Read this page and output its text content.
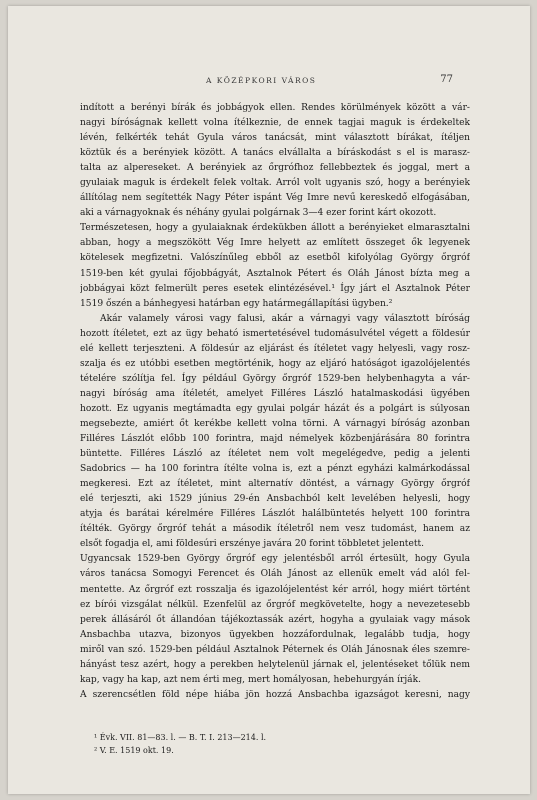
A KÖZÉPKORI VÁROS	77

indított a berényi bírák és jobbágyok ellen. Rendes körülmények között a vár-

nagyi bíróságnak kellett volna ítélkeznie, de ennek tagjai maguk is érdekeltek

lévén, felkérték tehát Gyula város tanácsát, mint választott bírákat, ítéljen

köztük és a berényiek között. A tanács elvállalta a bíráskodást s el is marasz-

talta az alpereseket. A berényiek az őrgrófhoz fellebbeztek és joggal, mert a

gyulaiak maguk is érdekelt felek voltak. Arról volt ugyanis szó, hogy a berényiek

állítólag nem segítették Nagy Péter ispánt Vég Imre nevű kereskedő elfogásában,

aki a várnagyoknak és néhány gyulai polgárnak 3—4 ezer forint kárt okozott.

Természetesen, hogy a gyulaiaknak érdekükben állott a berényieket elmarasztalni

abban, hogy a megszökött Vég Imre helyett az említett összeget ők legyenek

kötelesek megfizetni. Valószínűleg ebből az esetből kifolyólag György őrgróf

1519-ben két gyulai főjobbágyát, Asztalnok Pétert és Oláh Jánost bízta meg a

jobbágyai közt felmerült peres esetek elintézésével.¹ Így járt el Asztalnok Péter

1519 őszén a bánhegyesi határban egy határmegállapítási ügyben.²

Akár valamely városi vagy falusi, akár a várnagyi vagy választott bíróság

hozott ítéletet, ezt az ügy beható ismertetésével tudomásulvétel végett a földesúr

elé kellett terjeszteni. A földesúr az eljárást és ítéletet vagy helyesli, vagy rosz-

szalja és ez utóbbi esetben megtörténik, hogy az eljáró hatóságot igazolójelentés

tételére szólítja fel. Így például György őrgróf 1529-ben helybenhagyta a vár-

nagyi bíróság ama ítéletét, amelyet Filléres László hatalmaskodási ügyében

hozott. Ez ugyanis megtámadta egy gyulai polgár házát és a polgárt is súlyosan

megsebezte, amiért őt kerékbe kellett volna törni. A várnagyi bíróság azonban

Filléres Lászlót előbb 100 forintra, majd némelyek közbenjárására 80 forintra

büntette. Filléres László az ítéletet nem volt megelégedve, pedig a jelenti

Sadobrics — ha 100 forintra ítélte volna is, ezt a pénzt egyházi kalmárkodással

megkeresi. Ezt az ítéletet, mint alternatív döntést, a várnagy György őrgróf

elé terjeszti, aki 1529 június 29-én Ansbachból kelt levelében helyesli, hogy

atyja és barátai kérelmére Filléres Lászlót halálbüntetés helyett 100 forintra

ítélték. György őrgróf tehát a második ítéletről nem vesz tudomást, hanem az

elsőt fogadja el, ami földesúri erszénye javára 20 forint többletet jelentett.

Ugyancsak 1529-ben György őrgróf egy jelentésből arról értesült, hogy Gyula

város tanácsa Somogyi Ferencet és Oláh Jánost az ellenük emelt vád alól fel-

mentette. Az őrgróf ezt rosszalja és igazolójelentést kér arról, hogy miért történt

ez bírói vizsgálat nélkül. Ezenfelül az őrgróf megkövetelte, hogy a nevezetesebb

perek állásáról őt állandóan tájékoztassák azért, hogyha a gyulaiak vagy mások

Ansbachba utazva, bizonyos ügyekben hozzáfordulnak, legalább tudja, hogy

miről van szó. 1529-ben például Asztalnok Péternek és Oláh Jánosnak éles szemre-

hányást tesz azért, hogy a perekben helytelenül járnak el, jelentéseket tőlük nem

kap, vagy ha kap, azt nem érti meg, mert homályosan, hebehurgyán írják.

A szerencsétlen föld népe hiába jön hozzá Ansbachba igazságot keresni, nagy

¹ Évk. VII. 81—83. l. — B. T. I. 213—214. l.

² V. E. 1519 okt. 19.
